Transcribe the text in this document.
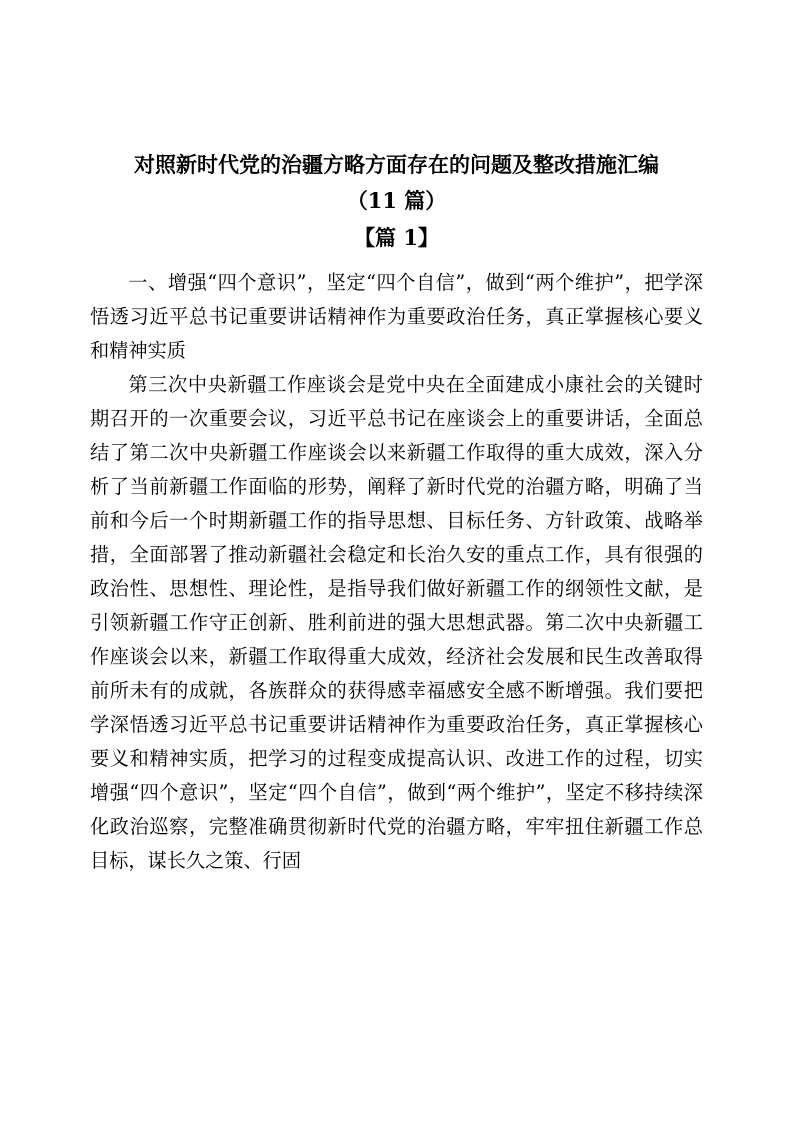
对照新时代党的治疆方略方面存在的问题及整改措施汇编
（11 篇）
【篇 1】

一、增强“四个意识”，坚定“四个自信”，做到“两个维护”，把学深悟透习近平总书记重要讲话精神作为重要政治任务，真正掌握核心要义和精神实质

第三次中央新疆工作座谈会是党中央在全面建成小康社会的关键时期召开的一次重要会议，习近平总书记在座谈会上的重要讲话，全面总结了第二次中央新疆工作座谈会以来新疆工作取得的重大成效，深入分析了当前新疆工作面临的形势，阐释了新时代党的治疆方略，明确了当前和今后一个时期新疆工作的指导思想、目标任务、方针政策、战略举措，全面部署了推动新疆社会稳定和长治久安的重点工作，具有很强的政治性、思想性、理论性，是指导我们做好新疆工作的纲领性文献，是引领新疆工作守正创新、胜利前进的强大思想武器。第二次中央新疆工作座谈会以来，新疆工作取得重大成效，经济社会发展和民生改善取得前所未有的成就，各族群众的获得感幸福感安全感不断增强。我们要把学深悟透习近平总书记重要讲话精神作为重要政治任务，真正掌握核心要义和精神实质，把学习的过程变成提高认识、改进工作的过程，切实增强“四个意识”，坚定“四个自信”，做到“两个维护”，坚定不移持续深化政治巡察，完整准确贯彻新时代党的治疆方略，牢牢扭住新疆工作总目标，谋长久之策、行固
